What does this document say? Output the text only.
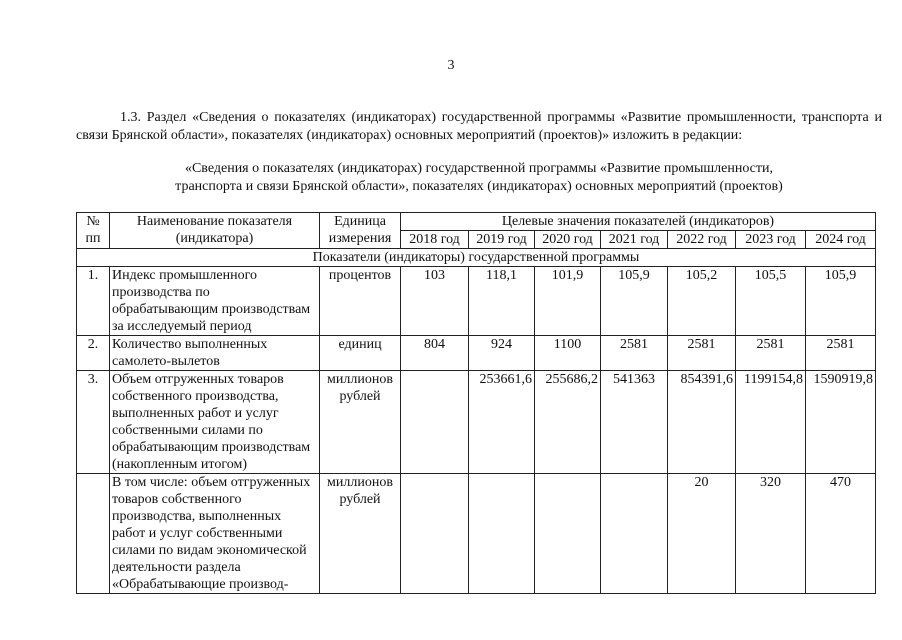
3

1.3. Раздел «Сведения о показателях (индикаторах) государственной программы «Развитие промышленности, транспорта и связи Брянской области», показателях (индикаторах) основных мероприятий (проектов)» изложить в редакции:

«Сведения о показателях (индикаторах) государственной программы «Развитие промышленности,

транспорта и связи Брянской области», показателях (индикаторах) основных мероприятий (проектов)

№ пп	Наименование показателя (индикатора)	Единица измерения	Целевые значения показателей (индикаторов)						
			2018 год	2019 год	2020 год	2021 год	2022 год	2023 год	2024 год
Показатели (индикаторы) государственной программы									
1.	Индекс промышленного производства по обрабатывающим производствам за исследуемый период	процентов	103	118,1	101,9	105,9	105,2	105,5	105,9
2.	Количество выполненных самолето-вылетов	единиц	804	924	1100	2581	2581	2581	2581
3.	Объем отгруженных товаров собственного производства, выполненных работ и услуг собственными силами по обрабатывающим производствам (накопленным итогом)	миллионов рублей		253661,6	255686,2	541363	854391,6	1199154,8	1590919,8
	В том числе: объем отгруженных товаров собственного производства, выполненных работ и услуг собственными силами по видам экономической деятельности раздела «Обрабатывающие производ-	миллионов рублей					20	320	470
